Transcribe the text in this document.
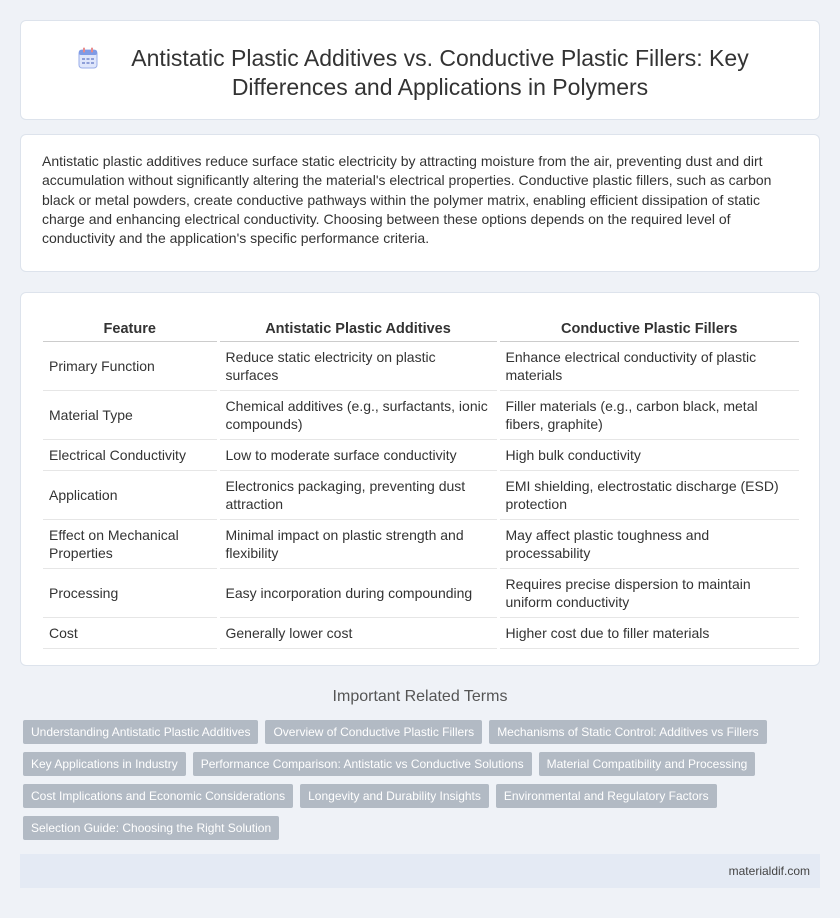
Antistatic Plastic Additives vs. Conductive Plastic Fillers: Key Differences and Applications in Polymers

Antistatic plastic additives reduce surface static electricity by attracting moisture from the air, preventing dust and dirt accumulation without significantly altering the material's electrical properties. Conductive plastic fillers, such as carbon black or metal powders, create conductive pathways within the polymer matrix, enabling efficient dissipation of static charge and enhancing electrical conductivity. Choosing between these options depends on the required level of conductivity and the application's specific performance criteria.

Feature	Antistatic Plastic Additives	Conductive Plastic Fillers
Primary Function	Reduce static electricity on plastic surfaces	Enhance electrical conductivity of plastic materials
Material Type	Chemical additives (e.g., surfactants, ionic compounds)	Filler materials (e.g., carbon black, metal fibers, graphite)
Electrical Conductivity	Low to moderate surface conductivity	High bulk conductivity
Application	Electronics packaging, preventing dust attraction	EMI shielding, electrostatic discharge (ESD) protection
Effect on Mechanical Properties	Minimal impact on plastic strength and flexibility	May affect plastic toughness and processability
Processing	Easy incorporation during compounding	Requires precise dispersion to maintain uniform conductivity
Cost	Generally lower cost	Higher cost due to filler materials
Important Related Terms
Understanding Antistatic Plastic Additives	Overview of Conductive Plastic Fillers	Mechanisms of Static Control: Additives vs Fillers
Key Applications in Industry	Performance Comparison: Antistatic vs Conductive Solutions	Material Compatibility and Processing
Cost Implications and Economic Considerations	Longevity and Durability Insights	Environmental and Regulatory Factors
Selection Guide: Choosing the Right Solution
materialdif.com
